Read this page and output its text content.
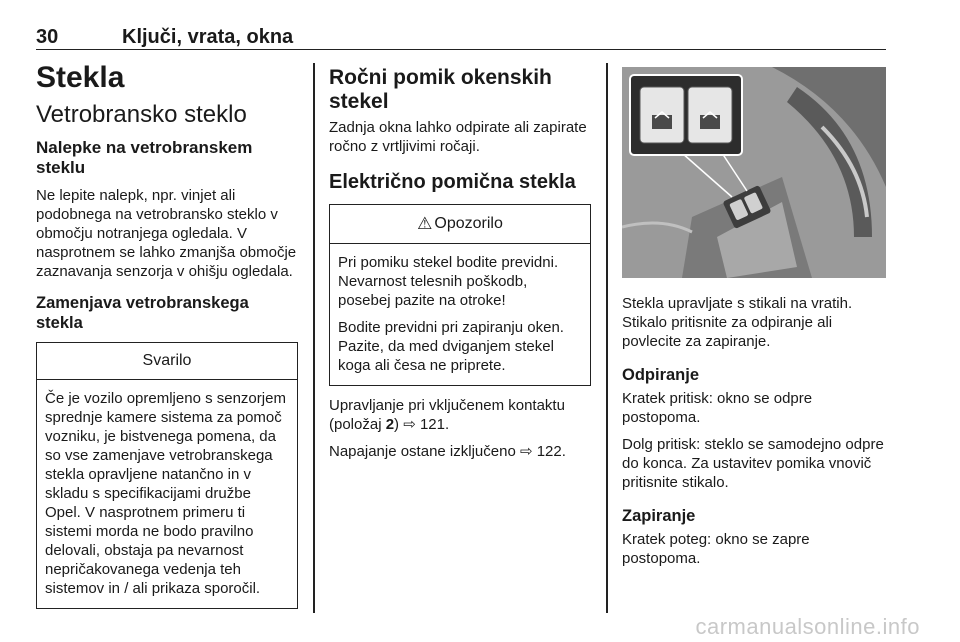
30	Ključi, vrata, okna
Stekla
Vetrobransko steklo
Nalepke na vetrobranskem steklu

Ne lepite nalepk, npr. vinjet ali podobnega na vetrobransko steklo v območju notranjega ogledala. V nasprotnem se lahko zmanjša območje zaznavanja senzorja v ohišju ogledala.

Zamenjava vetrobranskega stekla
Svarilo

Če je vozilo opremljeno s senzorjem sprednje kamere sistema za pomoč vozniku, je bistvenega pomena, da so vse zamenjave vetrobranskega stekla opravljene natančno in v skladu s specifikacijami družbe Opel. V nasprotnem primeru ti sistemi morda ne bodo pravilno delovali, obstaja pa nevarnost nepričakovanega vedenja teh sistemov in / ali prikaza sporočil.

Ročni pomik okenskih stekel

Zadnja okna lahko odpirate ali zapirate ročno z vrtljivimi ročaji.

Električno pomična stekla
⚠ Opozorilo

Pri pomiku stekel bodite previdni. Nevarnost telesnih poškodb, posebej pazite na otroke!

Bodite previdni pri zapiranju oken. Pazite, da med dviganjem stekel koga ali česa ne priprete.

Upravljanje pri vključenem kontaktu (položaj 2) ⇨ 121.

Napajanje ostane izključeno ⇨ 122.

Stekla upravljate s stikali na vratih. Stikalo pritisnite za odpiranje ali povlecite za zapiranje.

Odpiranje

Kratek pritisk: okno se odpre postopoma.

Dolg pritisk: steklo se samodejno odpre do konca. Za ustavitev pomika vnovič pritisnite stikalo.

Zapiranje

Kratek poteg: okno se zapre postopoma.

carmanualsonline.info
